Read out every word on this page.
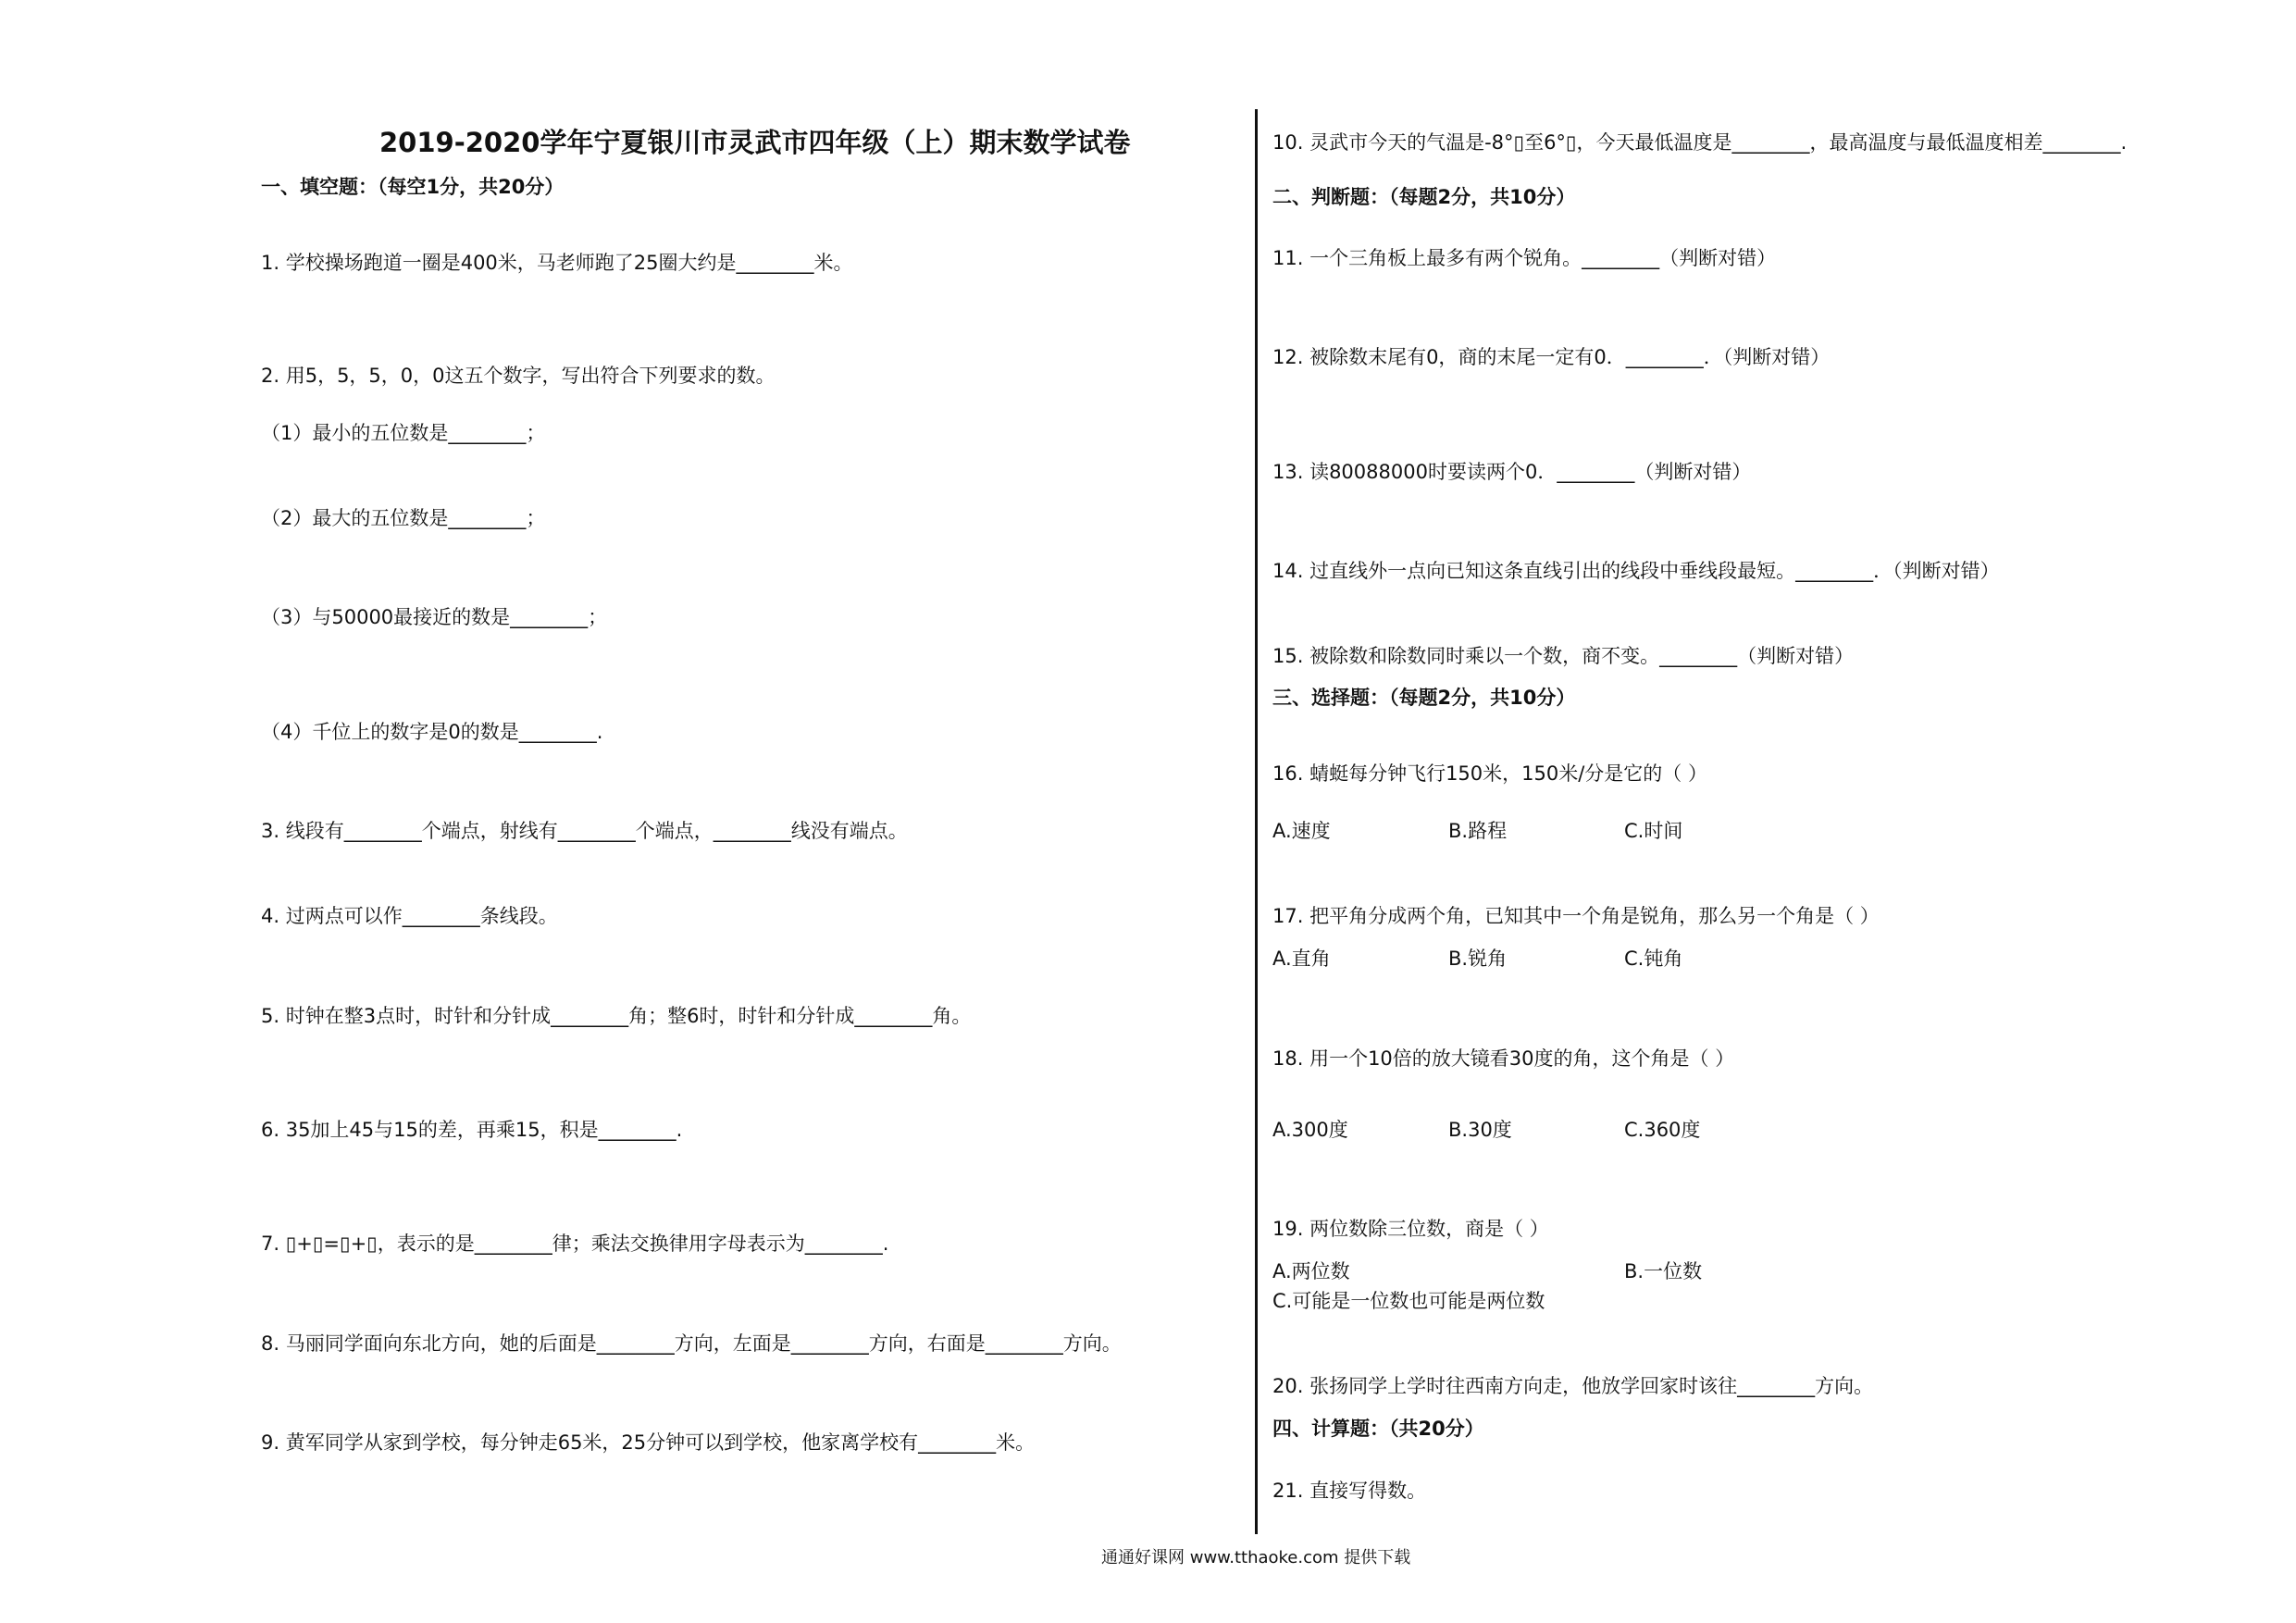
2019-2020学年宁夏银川市灵武市四年级（上）期末数学试卷
一、填空题：（每空1分，共20分）
1. 学校操场跑道一圈是400米，马老师跑了25圈大约是________米。
2. 用5，5，5，0，0这五个数字，写出符合下列要求的数。
（1）最小的五位数是________；
（2）最大的五位数是________；
（3）与50000最接近的数是________；
（4）千位上的数字是0的数是________.
3. 线段有________个端点，射线有________个端点，________线没有端点。
4. 过两点可以作________条线段。
5. 时钟在整3点时，时针和分针成________角；整6时，时针和分针成________角。
6. 35加上45与15的差，再乘15，积是________.
7. ▯+▯=▯+▯，表示的是________律；乘法交换律用字母表示为________.
8. 马丽同学面向东北方向，她的后面是________方向，左面是________方向，右面是________方向。
9. 黄军同学从家到学校，每分钟走65米，25分钟可以到学校，他家离学校有________米。
10. 灵武市今天的气温是-8°▯至6°▯，今天最低温度是________，最高温度与最低温度相差________.
二、判断题：（每题2分，共10分）
11. 一个三角板上最多有两个锐角。________（判断对错）
12. 被除数末尾有0，商的末尾一定有0．________．（判断对错）
13. 读80088000时要读两个0．________（判断对错）
14. 过直线外一点向已知这条直线引出的线段中垂线段最短。________．（判断对错）
15. 被除数和除数同时乘以一个数，商不变。________（判断对错）
三、选择题：（每题2分，共10分）
16. 蜻蜓每分钟飞行150米，150米/分是它的（ ）
A.速度	B.路程	C.时间
17. 把平角分成两个角，已知其中一个角是锐角，那么另一个角是（ ）
A.直角	B.锐角	C.钝角
18. 用一个10倍的放大镜看30度的角，这个角是（ ）
A.300度	B.30度	C.360度
19. 两位数除三位数，商是（ ）
A.两位数	B.一位数
C.可能是一位数也可能是两位数
20. 张扬同学上学时往西南方向走，他放学回家时该往________方向。
四、计算题：（共20分）
21. 直接写得数。
通通好课网 www.tthaoke.com 提供下载
